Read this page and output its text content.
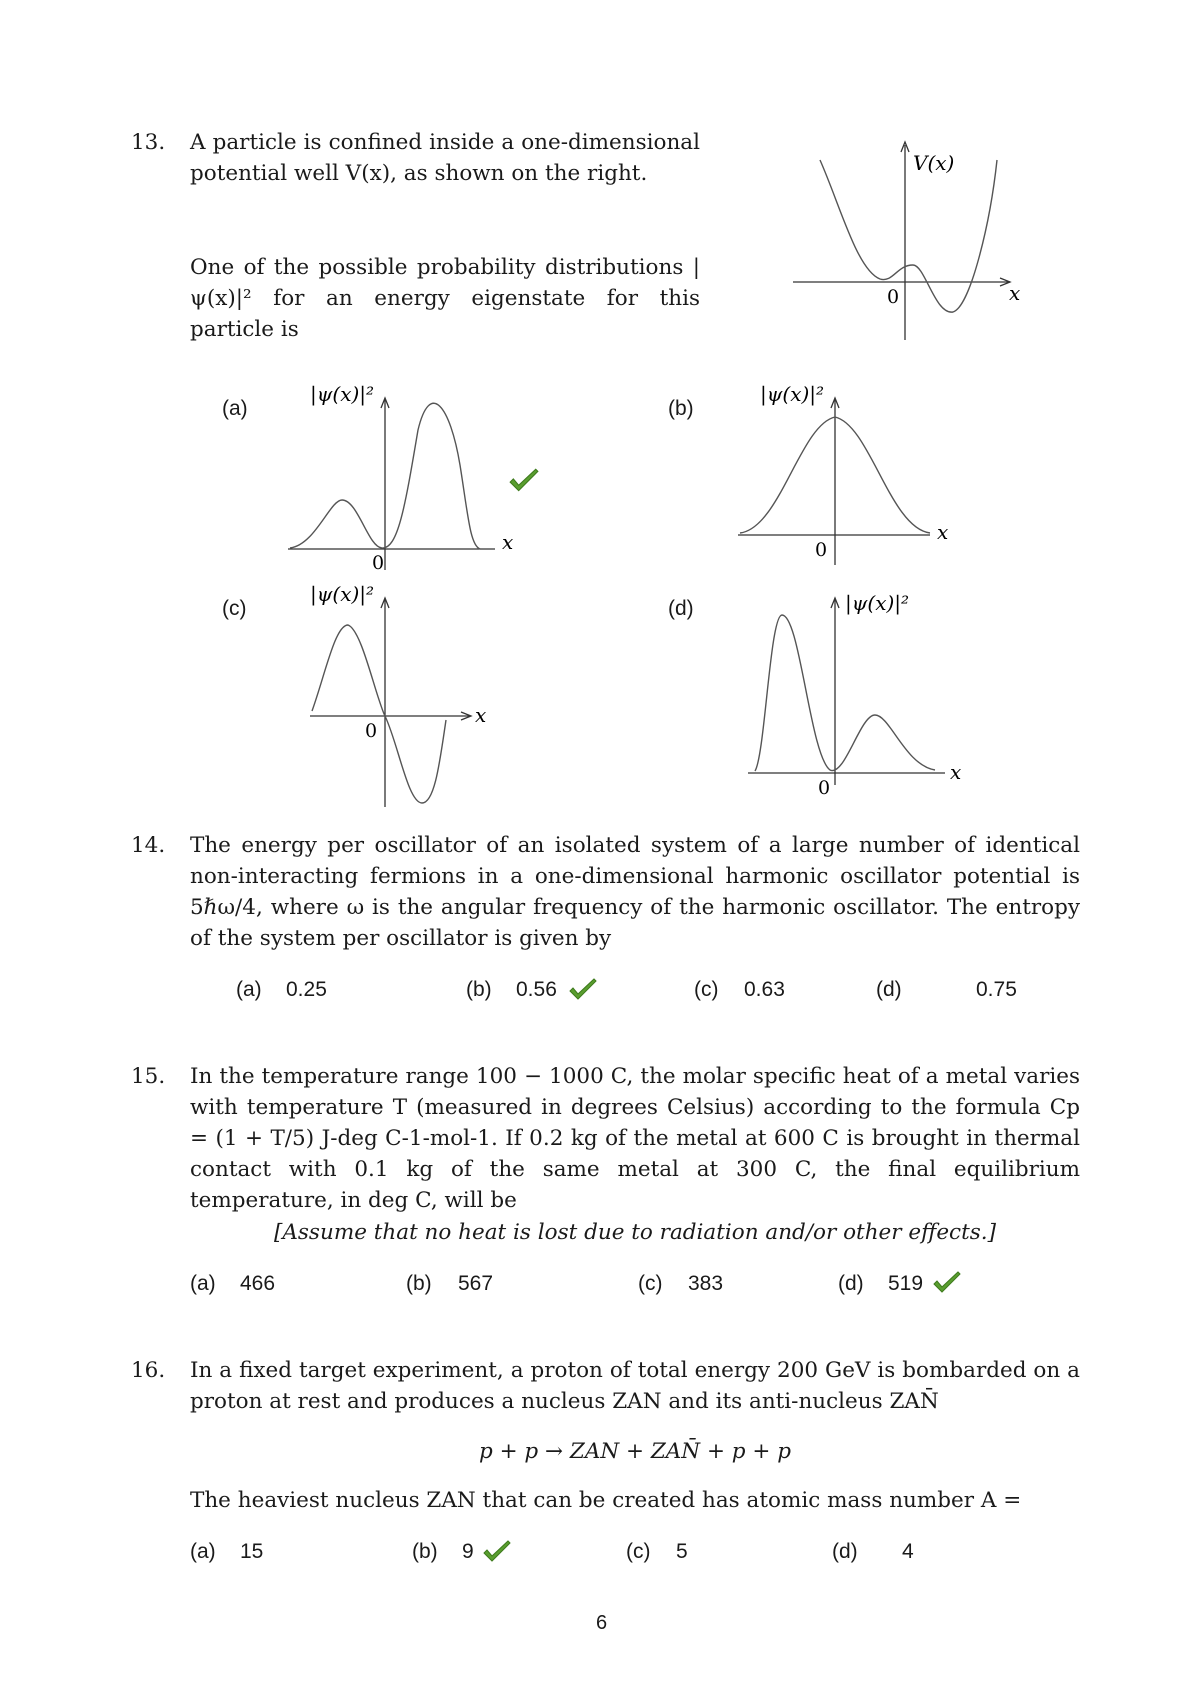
13. A particle is confined inside a one-dimensional potential well V(x), as shown on the right.
One of the possible probability distributions |ψ(x)|² for an energy eigenstate for this particle is
V(x)
x
0
(a)
|ψ(x)|²
0
x
(b)
|ψ(x)|²
0
x
(c)
|ψ(x)|²
0
x
(d)	|ψ(x)|²
0
x
14. The energy per oscillator of an isolated system of a large number of identical non-interacting fermions in a one-dimensional harmonic oscillator potential is 5ℏω/4, where ω is the angular frequency of the harmonic oscillator. The entropy of the system per oscillator is given by
(a) 0.25	(b) 0.56	(c) 0.63	(d)	0.75
15. In the temperature range 100 − 1000 C, the molar specific heat of a metal varies with temperature T (measured in degrees Celsius) according to the formula Cp = (1 + T/5) J-deg C-1-mol-1. If 0.2 kg of the metal at 600 C is brought in thermal contact with 0.1 kg of the same metal at 300 C, the final equilibrium temperature, in deg C, will be
[Assume that no heat is lost due to radiation and/or other effects.]
(a) 466	(b) 567	(c) 383	(d) 519
16. In a fixed target experiment, a proton of total energy 200 GeV is bombarded on a proton at rest and produces a nucleus ZAN and its anti-nucleus ZAN̄
p + p → ZAN + ZAN̄ + p + p
The heaviest nucleus ZAN that can be created has atomic mass number A =
(a) 15	(b) 9	(c) 5	(d) 4
6
